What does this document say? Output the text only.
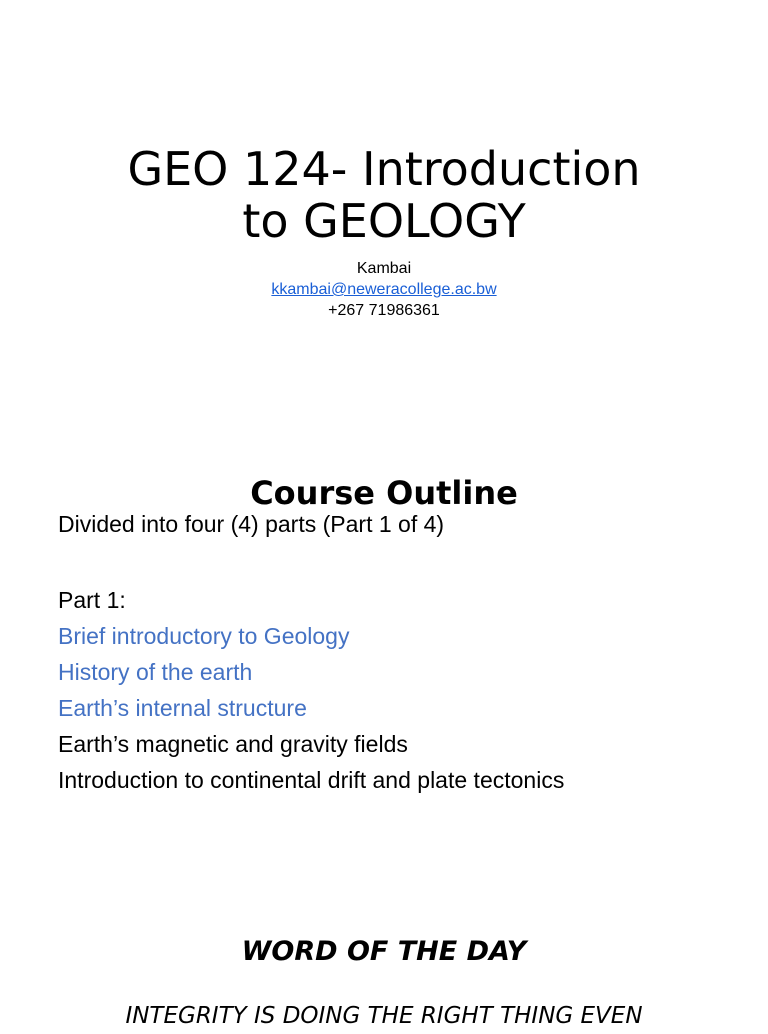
GEO 124- Introduction
to GEOLOGY
Kambai
kkambai@neweracollege.ac.bw
+267 71986361
Course Outline
Divided into four (4) parts (Part 1 of 4)
Part 1:
Brief introductory to Geology
History of the earth
Earth’s internal structure
Earth’s magnetic and gravity fields
Introduction to continental drift and plate tectonics
WORD OF THE DAY
INTEGRITY IS DOING THE RIGHT THING EVEN
